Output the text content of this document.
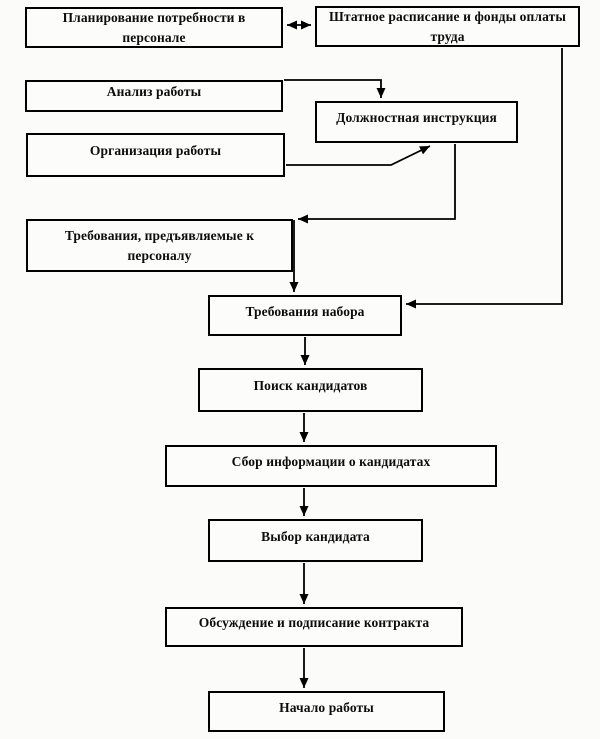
Планирование потребности в персонале
Штатное расписание и фонды оплаты труда
Анализ работы
Должностная инструкция
Организация работы
Требования, предъявляемые к персоналу
Требования набора
Поиск кандидатов
Сбор информации о кандидатах
Выбор кандидата
Обсуждение и подписание контракта
Начало работы
